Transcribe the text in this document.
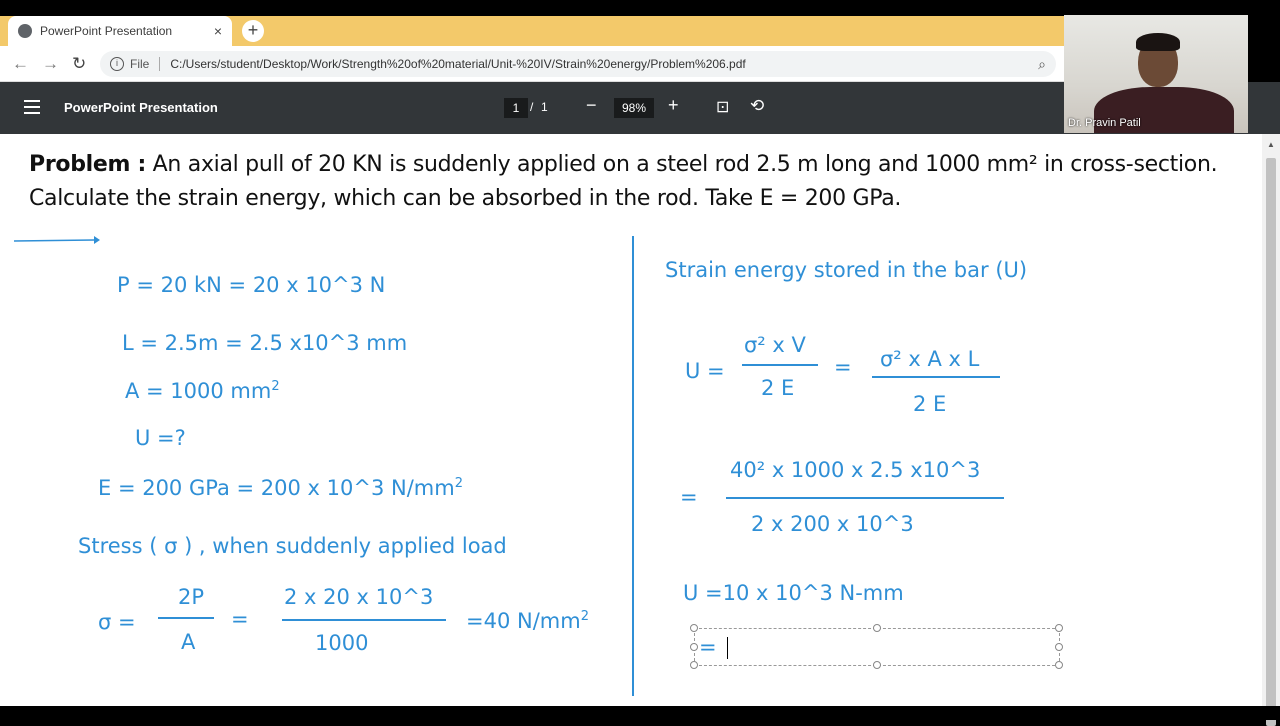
PowerPoint Presentation	×	+
← → ↻	i	File C:/Users/student/Desktop/Work/Strength%20of%20material/Unit-%20IV/Strain%20energy/Problem%206.pdf	⌕
PowerPoint Presentation	1 / 1 −	98%	+ ⊡ ⟲
Dr. Pravin Patil
Problem : An axial pull of 20 KN is suddenly applied on a steel rod 2.5 m long and 1000 mm² in cross-section. Calculate the strain energy, which can be absorbed in the rod. Take E = 200 GPa.
P = 20 kN = 20 x 10^3 N
L = 2.5m = 2.5 x10^3 mm
A = 1000 $mm^2$
U =?
E = 200 GPa = 200 x 10^3 $N/mm^2$
Stress ( σ ) , when suddenly applied load
σ =
2P
A
=
2 x 20 x 10^3
1000
=40 $N/mm^2$
Strain energy stored in the bar (U)
U =
σ² x V
2 E
= σ² x A x L
2 E
=
40² x 1000 x 2.5 x10^3
2 x 200 x 10^3
U =10 x 10^3 N-mm
=
▲
